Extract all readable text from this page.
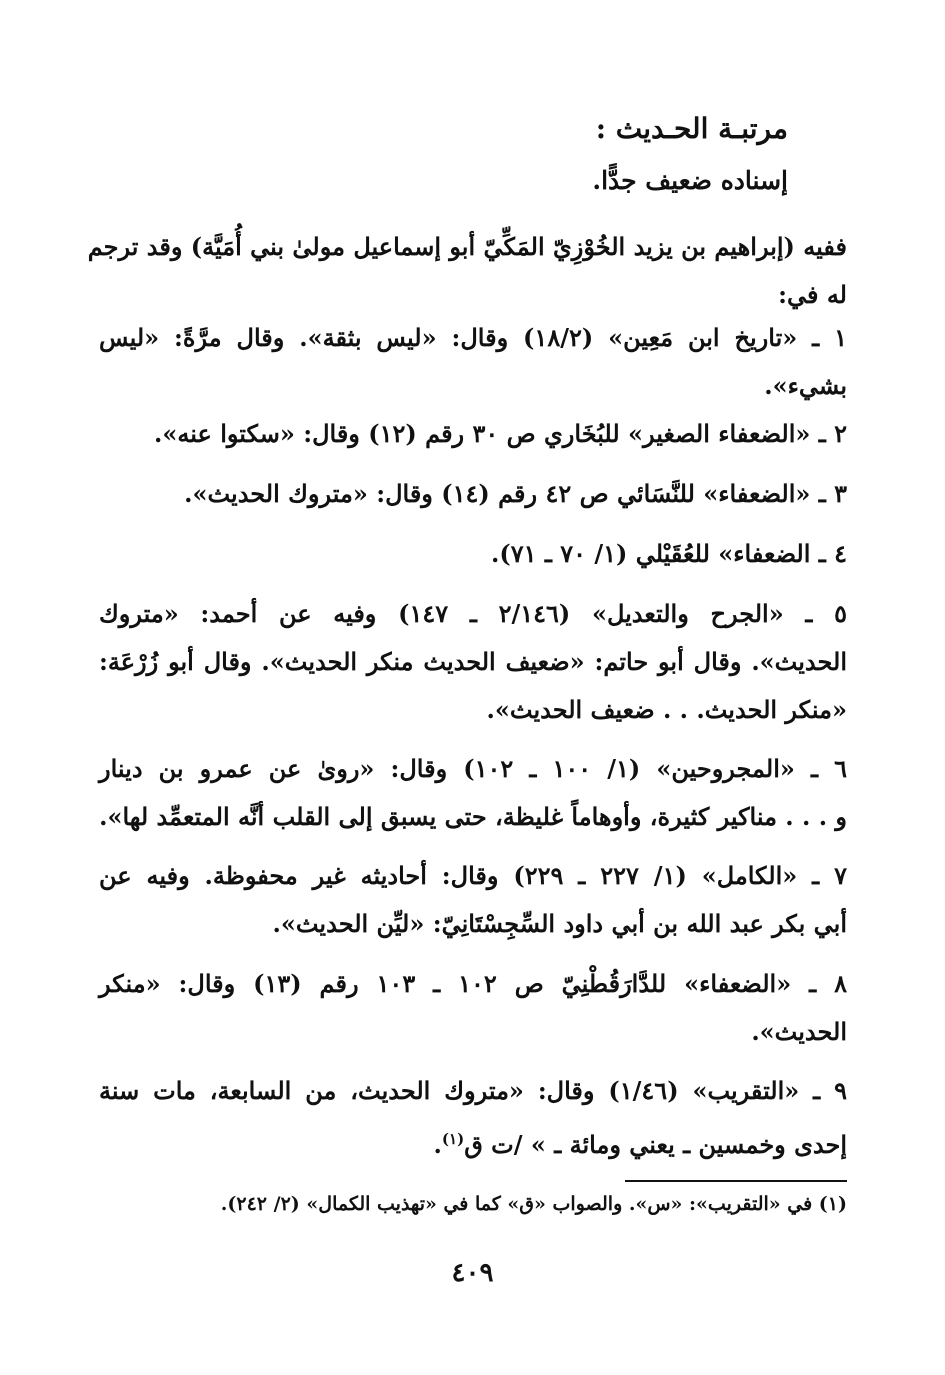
مرتبـة الحـديث :
إسناده ضعيف جدًّا.
ففيه (إبراهيم بن يزيد الخُوْزِيّ المَكِّيّ أبو إسماعيل مولىٰ بني أُمَيَّة) وقد ترجم
له في:
١ ـ «تاريخ ابن مَعِين» (١٨/٢) وقال: «ليس بثقة». وقال مرَّةً: «ليس
بشيء».
٢ ـ «الضعفاء الصغير» للبُخَاري ص ٣٠ رقم (١٢) وقال: «سكتوا عنه».
٣ ـ «الضعفاء» للنَّسَائي ص ٤٢ رقم (١٤) وقال: «متروك الحديث».
٤ ـ الضعفاء» للعُقَيْلي (١/ ٧٠ ـ ٧١).
٥ ـ «الجرح والتعديل» (٢/١٤٦ ـ ١٤٧) وفيه عن أحمد: «متروك
الحديث». وقال أبو حاتم: «ضعيف الحديث منكر الحديث». وقال أبو زُرْعَة:
«منكر الحديث. . . ضعيف الحديث».
٦ ـ «المجروحين» (١/ ١٠٠ ـ ١٠٢) وقال: «روىٰ عن عمرو بن دينار
و . . . مناكير كثيرة، وأوهاماً غليظة، حتى يسبق إلى القلب أنَّه المتعمِّد لها».
٧ ـ «الكامل» (١/ ٢٢٧ ـ ٢٢٩) وقال: أحاديثه غير محفوظة. وفيه عن
أبي بكر عبد الله بن أبي داود السِّجِسْتَانِيّ: «ليِّن الحديث».
٨ ـ «الضعفاء» للدَّارَقُطْنِيّ ص ١٠٢ ـ ١٠٣ رقم (١٣) وقال: «منكر
الحديث».
٩ ـ «التقريب» (١/٤٦) وقال: «متروك الحديث، من السابعة، مات سنة
إحدى وخمسين ـ يعني ومائة ـ » /ت ق$^{(١)}$.
(١) في «التقريب»: «س». والصواب «ق» كما في «تهذيب الكمال» (٢/ ٢٤٢).
٤٠٩
